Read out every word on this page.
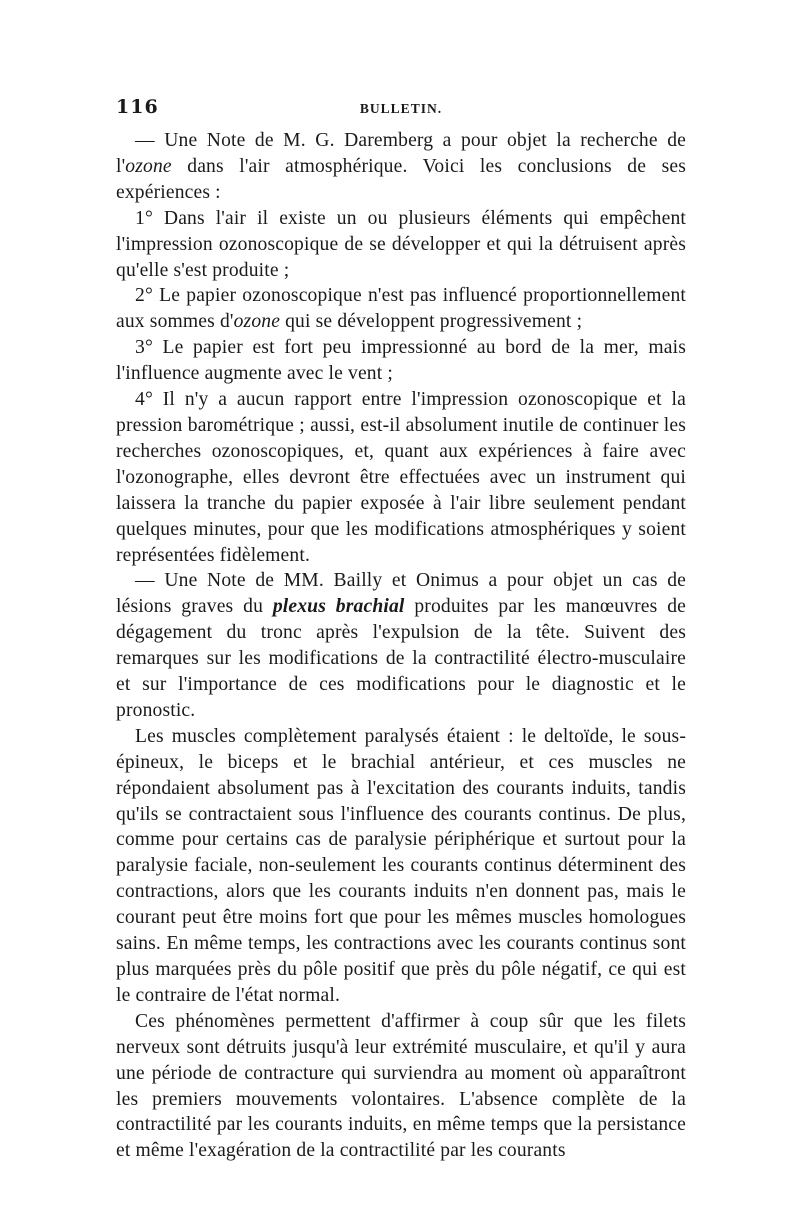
116	BULLETIN.

— Une Note de M. G. Daremberg a pour objet la recherche de l'ozone dans l'air atmosphérique. Voici les conclusions de ses expériences :

1° Dans l'air il existe un ou plusieurs éléments qui empêchent l'impression ozonoscopique de se développer et qui la détruisent après qu'elle s'est produite ;

2° Le papier ozonoscopique n'est pas influencé proportionnellement aux sommes d'ozone qui se développent progressivement ;

3° Le papier est fort peu impressionné au bord de la mer, mais l'influence augmente avec le vent ;

4° Il n'y a aucun rapport entre l'impression ozonoscopique et la pression barométrique ; aussi, est-il absolument inutile de continuer les recherches ozonoscopiques, et, quant aux expériences à faire avec l'ozonographe, elles devront être effectuées avec un instrument qui laissera la tranche du papier exposée à l'air libre seulement pendant quelques minutes, pour que les modifications atmosphériques y soient représentées fidèlement.

— Une Note de MM. Bailly et Onimus a pour objet un cas de lésions graves du plexus brachial produites par les manœuvres de dégagement du tronc après l'expulsion de la tête. Suivent des remarques sur les modifications de la contractilité électro-musculaire et sur l'importance de ces modifications pour le diagnostic et le pronostic.

Les muscles complètement paralysés étaient : le deltoïde, le sous-épineux, le biceps et le brachial antérieur, et ces muscles ne répondaient absolument pas à l'excitation des courants induits, tandis qu'ils se contractaient sous l'influence des courants continus. De plus, comme pour certains cas de paralysie périphérique et surtout pour la paralysie faciale, non-seulement les courants continus déterminent des contractions, alors que les courants induits n'en donnent pas, mais le courant peut être moins fort que pour les mêmes muscles homologues sains. En même temps, les contractions avec les courants continus sont plus marquées près du pôle positif que près du pôle négatif, ce qui est le contraire de l'état normal.

Ces phénomènes permettent d'affirmer à coup sûr que les filets nerveux sont détruits jusqu'à leur extrémité musculaire, et qu'il y aura une période de contracture qui surviendra au moment où apparaîtront les premiers mouvements volontaires. L'absence complète de la contractilité par les courants induits, en même temps que la persistance et même l'exagération de la contractilité par les courants
